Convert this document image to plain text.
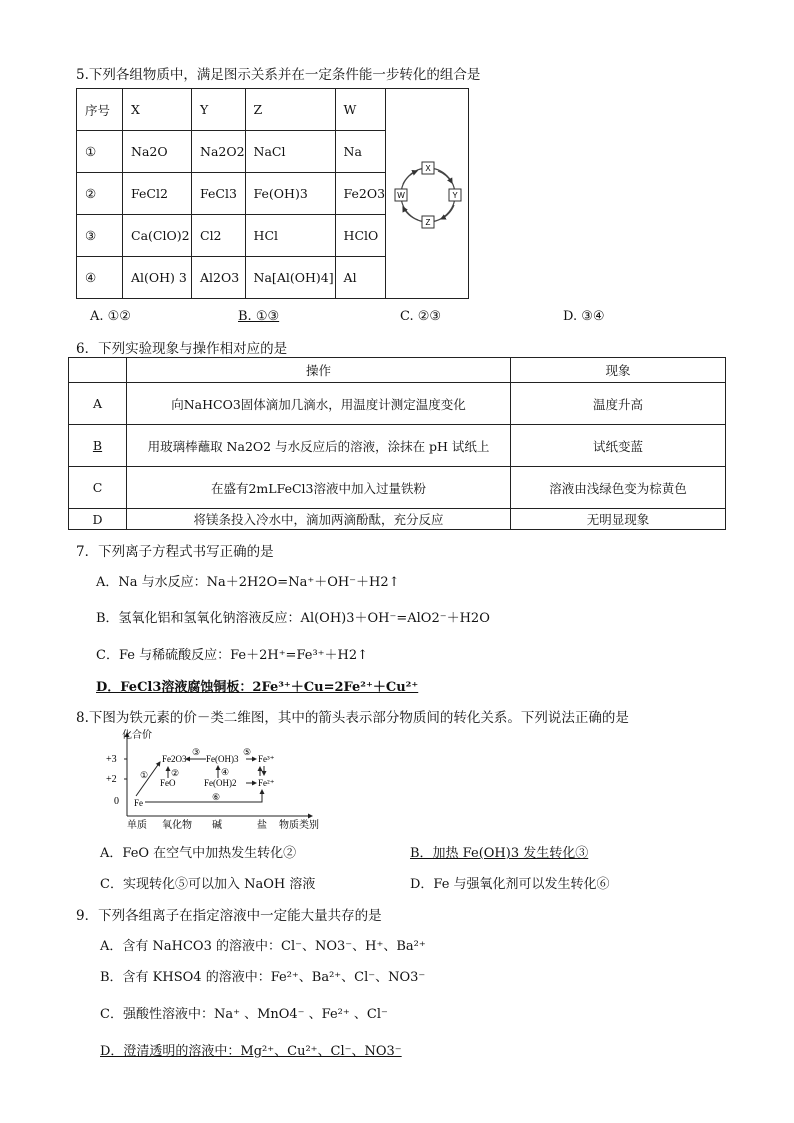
5.下列各组物质中，满足图示关系并在一定条件能一步转化的组合是
序号	X	Y	Z	W	X
Y
Z
W

①	Na2O	Na2O2	NaCl	Na	
②	FeCl2	FeCl3	Fe(OH)3	Fe2O3	
③	Ca(ClO)2	Cl2	HCl	HClO	
④	Al(OH) 3	Al2O3	Na[Al(OH)4]	Al	
A. ①②	B. ①③	C. ②③	D. ③④
6．下列实验现象与操作相对应的是
	操作	现象
A	向NaHCO3固体滴加几滴水，用温度计测定温度变化	温度升高
B	用玻璃棒蘸取 Na2O2 与水反应后的溶液，涂抹在 pH 试纸上	试纸变蓝
C	在盛有2mLFeCl3溶液中加入过量铁粉	溶液由浅绿色变为棕黄色
D	将镁条投入冷水中，滴加两滴酚酞，充分反应	无明显现象
7．下列离子方程式书写正确的是
A．Na 与水反应：Na＋2H2O=Na⁺＋OH⁻＋H2↑
B．氢氧化铝和氢氧化钠溶液反应：Al(OH)3＋OH⁻=AlO2⁻＋H2O
C．Fe 与稀硫酸反应：Fe＋2H⁺=Fe³⁺＋H2↑
D．FeCl3溶液腐蚀铜板：2Fe³⁺＋Cu=2Fe²⁺＋Cu²⁺
8.下图为铁元素的价－类二维图，其中的箭头表示部分物质间的转化关系。下列说法正确的是
化合价
+3
+2
0
单质 氧化物 碱	盐 物质类别
Fe2O3 Fe(OH)3 Fe³⁺
FeO	Fe(OH)2 Fe²⁺
Fe
①	②
③
④
⑤
⑥
A．FeO 在空气中加热发生转化②	B．加热 Fe(OH)3 发生转化③
C．实现转化⑤可以加入 NaOH 溶液	D．Fe 与强氧化剂可以发生转化⑥
9．下列各组离子在指定溶液中一定能大量共存的是
A．含有 NaHCO3 的溶液中：Cl⁻、NO3⁻、H⁺、Ba²⁺
B．含有 KHSO4 的溶液中：Fe²⁺、Ba²⁺、Cl⁻、NO3⁻
C．强酸性溶液中：Na⁺ 、MnO4⁻ 、Fe²⁺ 、Cl⁻
D．澄清透明的溶液中：Mg²⁺、Cu²⁺、Cl⁻、NO3⁻
